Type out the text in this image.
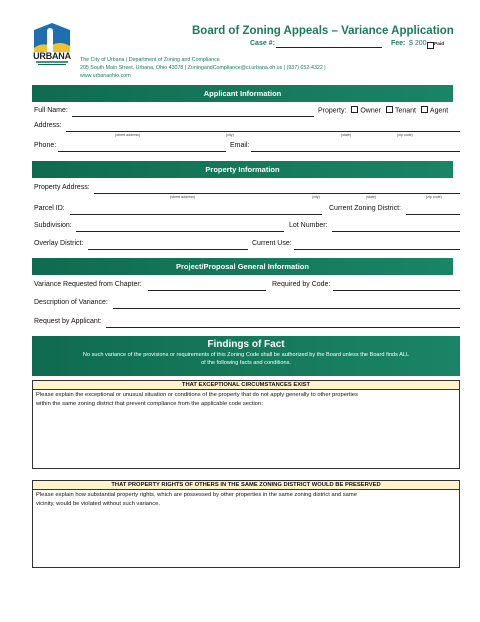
URBANA
Board of Zoning Appeals – Variance Application
Case #:	Fee: $ 200 Paid
The City of Urbana | Department of Zoning and Compliance
205 South Main Street, Urbana, Ohio 43078 | ZoningandCompliance@ci.urbana.oh.us | (937) 652-4322 |
www.urbanaohio.com
Applicant Information
Full Name:	Property: Owner Tenant Agent
Address:
(street address)	(city)	(state)	(zip code)
Phone:	Email:
Property Information
Property Address:
(street address)	(city)	(state)	(zip code)
Parcel ID:	Current Zoning District:
Subdivision:	Lot Number:
Overlay District:	Current Use:
Project/Proposal General Information
Variance Requested from Chapter:	Required by Code:
Description of Variance:
Request by Applicant:
Findings of Fact
No such variance of the provisions or requirements of this Zoning Code shall be authorized by the Board unless the Board finds ALL
of the following facts and conditions.
THAT EXCEPTIONAL CIRCUMSTANCES EXIST
Please explain the exceptional or unusual situation or conditions of the property that do not apply generally to other properties
within the same zoning district that prevent compliance from the applicable code section:
THAT PROPERTY RIGHTS OF OTHERS IN THE SAME ZONING DISTRICT WOULD BE PRESERVED
Please explain how substantial property rights, which are possessed by other properties in the same zoning district and same
vicinity, would be violated without such variance.
